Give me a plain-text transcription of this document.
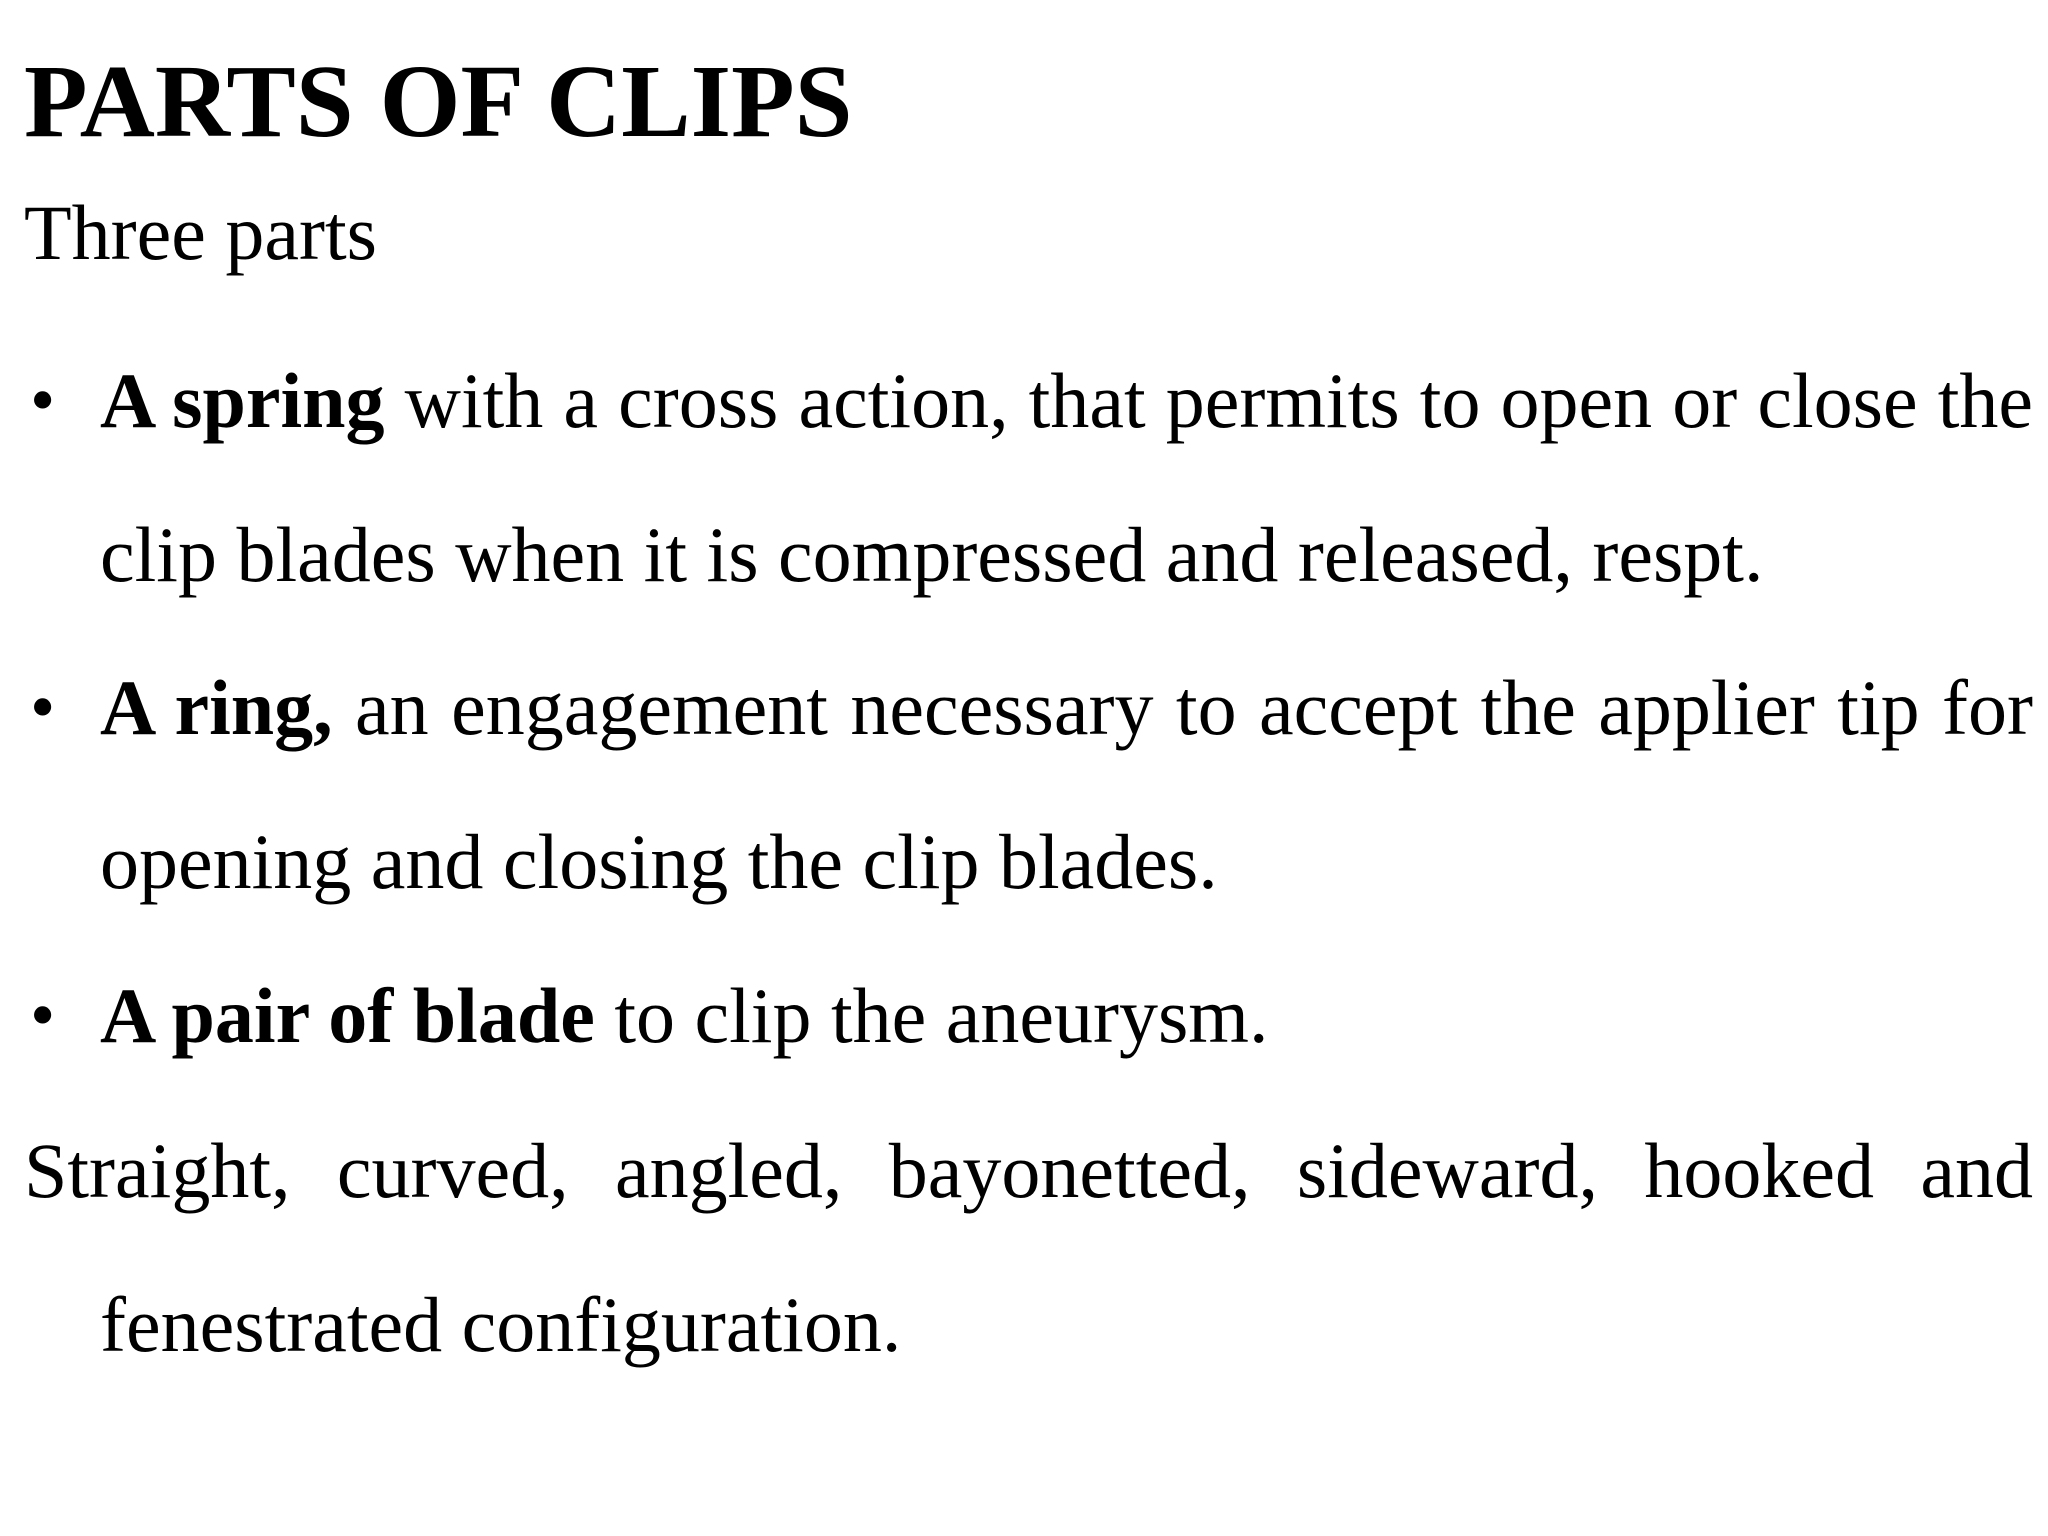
PARTS OF CLIPS

Three parts

• A spring with a cross action, that permits to open or close the clip blades when it is compressed and released, respt.

• A ring, an engagement necessary to accept the applier tip for opening and closing the clip blades.

• A pair of blade to clip the aneurysm.

Straight, curved, angled, bayonetted, sideward, hooked and fenestrated configuration.
